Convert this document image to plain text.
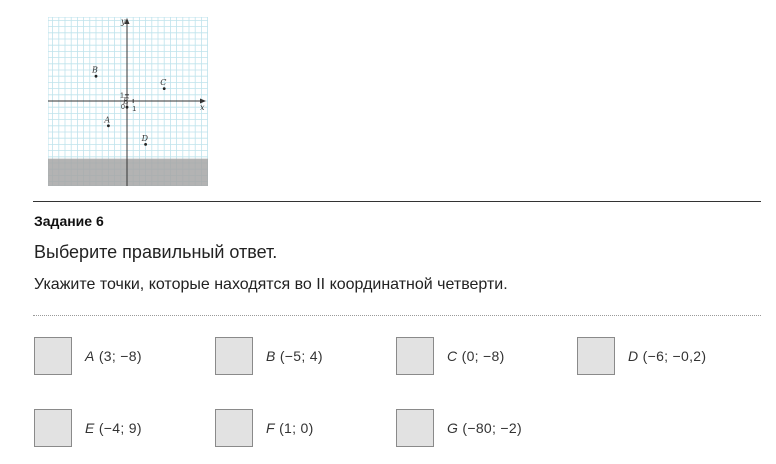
x
y
0 1
1
B
C
A
E
D
Задание 6
Выберите правильный ответ.
Укажите точки, которые находятся во II координатной четверти.
A (3; −8)	B (−5; 4)	C (0; −8)	D (−6; −0,2)
E (−4; 9)	F (1; 0)	G (−80; −2)
